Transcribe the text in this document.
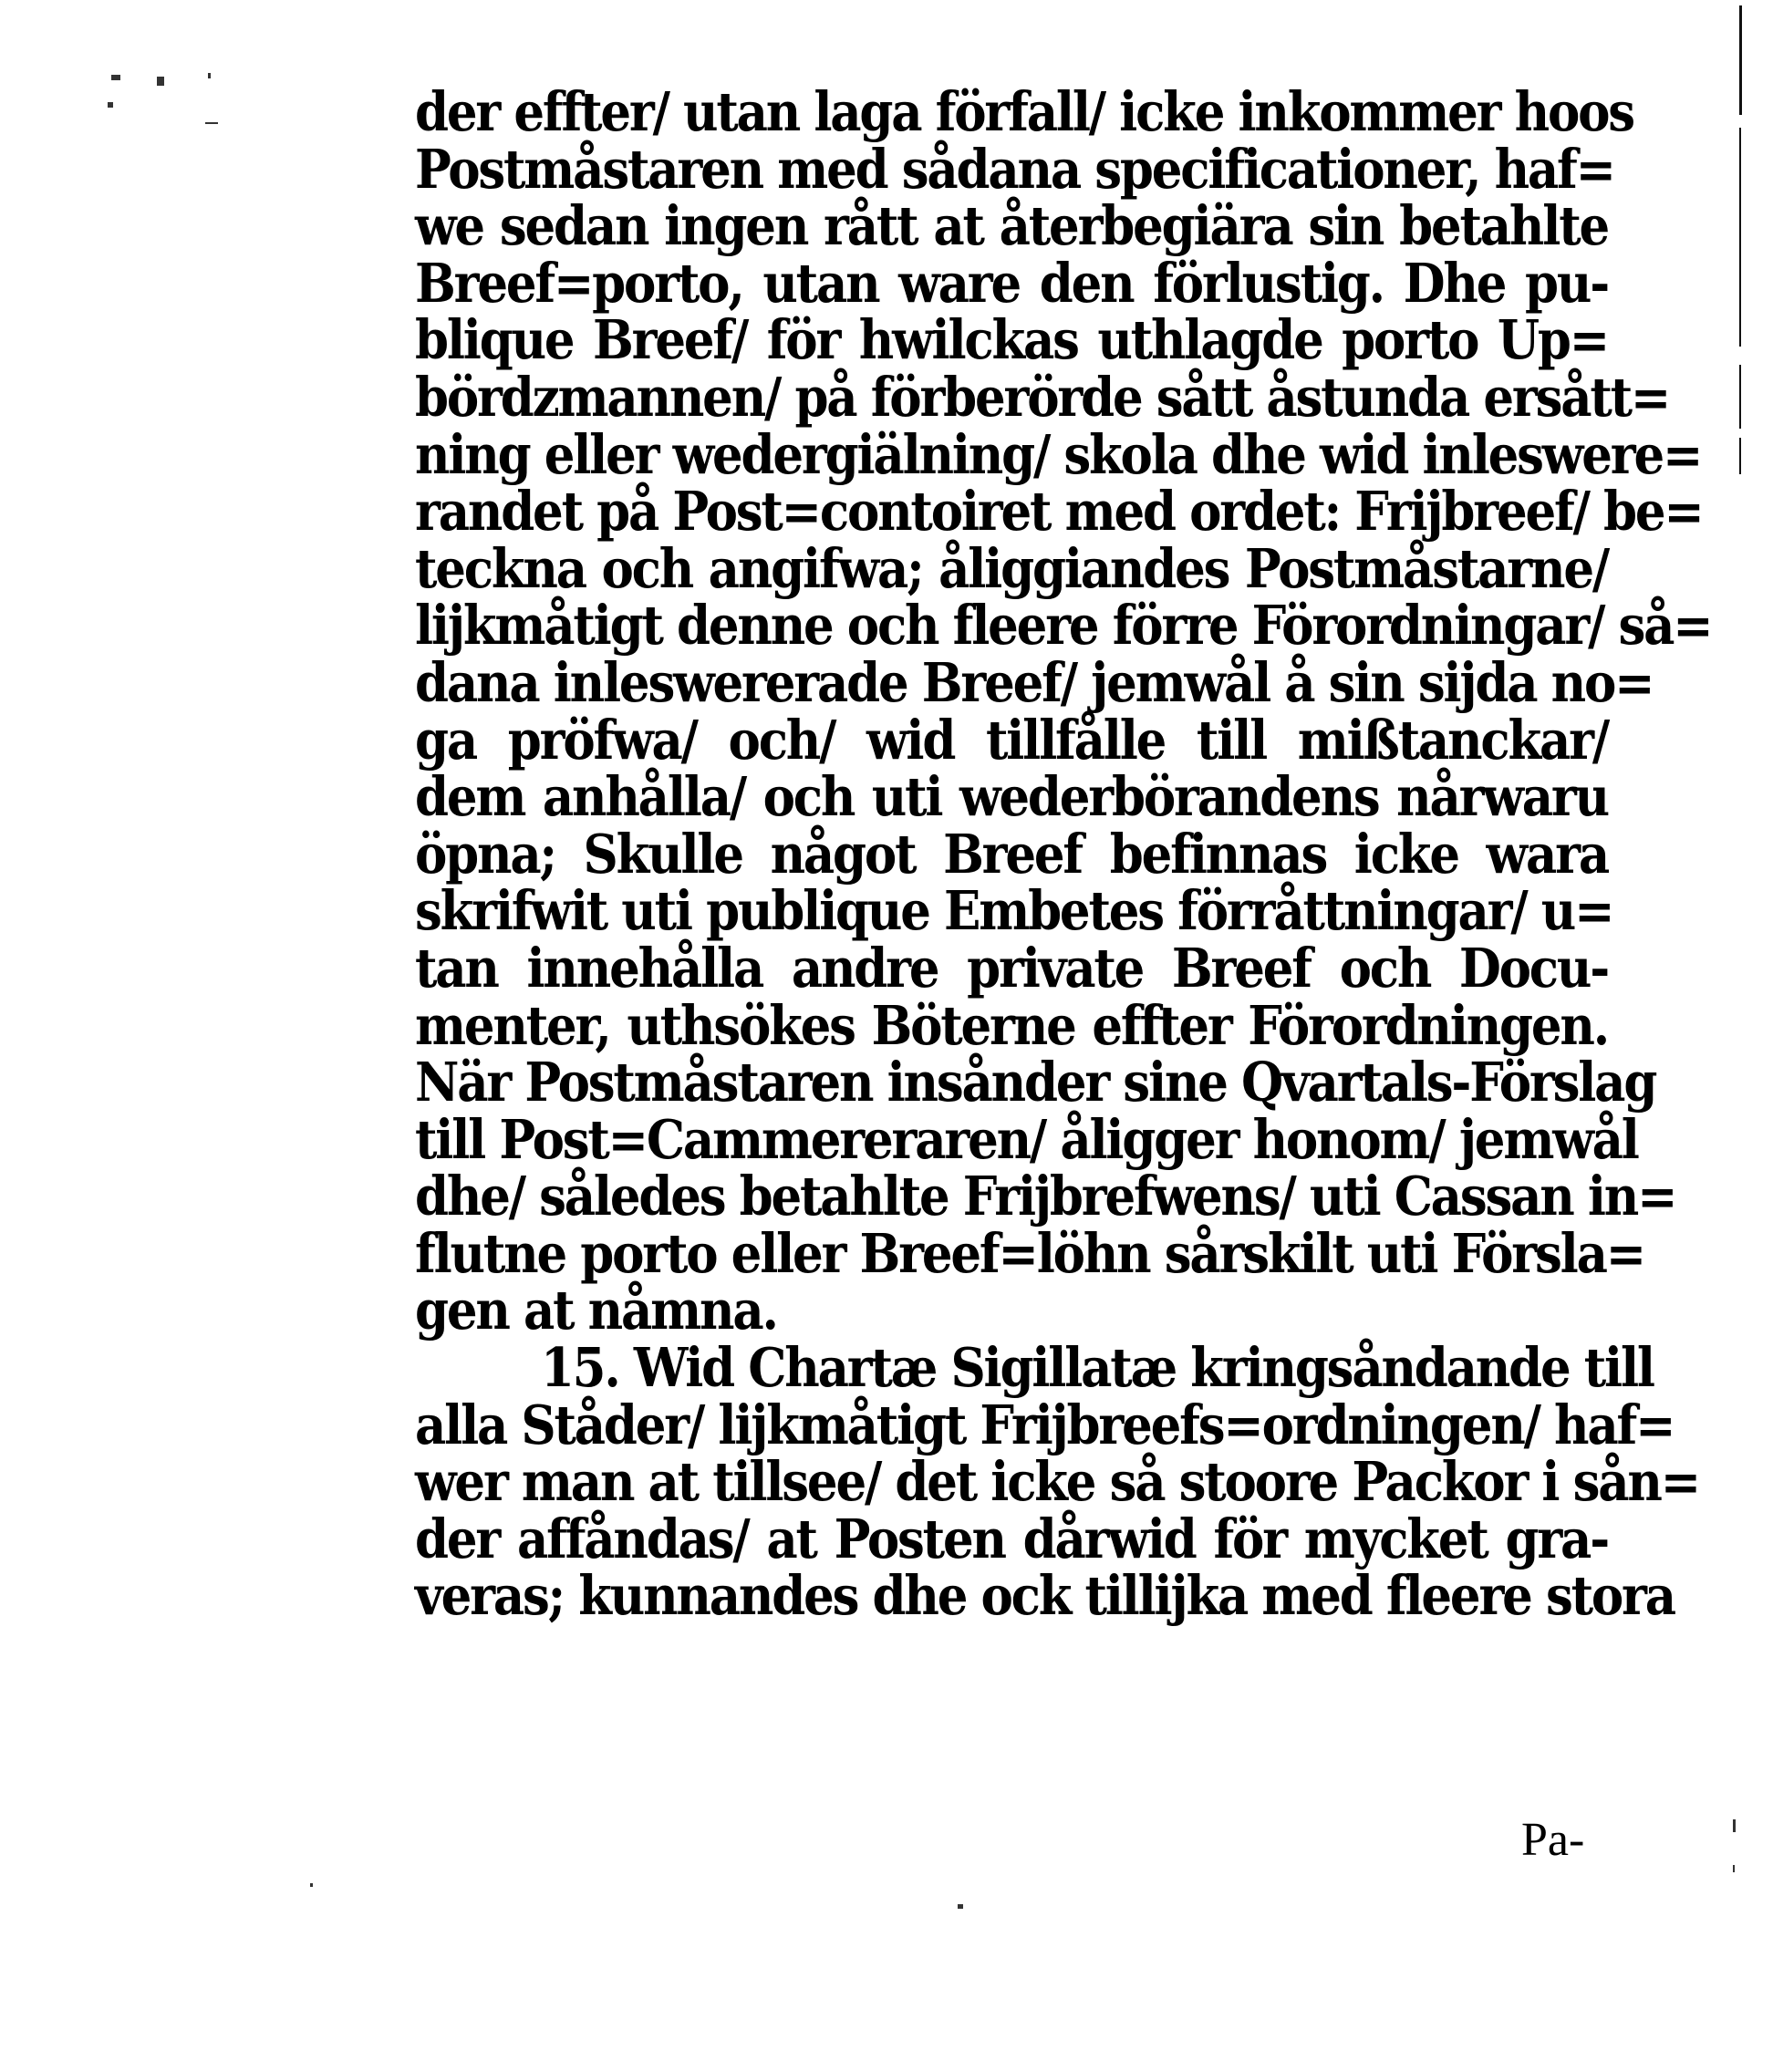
der effter/ utan laga förfall/ icke inkommer hoos
Postmåstaren med sådana specificationer, haf=
we sedan ingen rått at återbegiära sin betahlte
Breef=porto, utan ware den förlustig. Dhe pu-
blique Breef/ för hwilckas uthlagde porto Up=
bördzmannen/ på förberörde sått åstunda ersått=
ning eller wedergiälning/ skola dhe wid inleswere=
randet på Post=contoiret med ordet: Frijbreef/ be=
teckna och angifwa; åliggiandes Postmåstarne/
lijkmåtigt denne och fleere förre Förordningar/ så=
dana inleswererade Breef/ jemwål å sin sijda no=
ga pröfwa/ och/ wid tillfålle till mißtanckar/
dem anhålla/ och uti wederbörandens nårwaru
öpna; Skulle något Breef befinnas icke wara
skrifwit uti publique Embetes förråttningar/ u=
tan innehålla andre private Breef och Docu-
menter, uthsökes Böterne effter Förordningen.
När Postmåstaren insånder sine Qvartals-Förslag
till Post=Cammereraren/ åligger honom/ jemwål
dhe/ således betahlte Frijbrefwens/ uti Cassan in=
flutne porto eller Breef=löhn sårskilt uti Försla=
gen at nåmna.
15. Wid Chartæ Sigillatæ kringsåndande till
alla Ståder/ lijkmåtigt Frijbreefs=ordningen/ haf=
wer man at tillsee/ det icke så stoore Packor i sån=
der affåndas/ at Posten dårwid för mycket gra-
veras; kunnandes dhe ock tillijka med fleere stora
Pa-
